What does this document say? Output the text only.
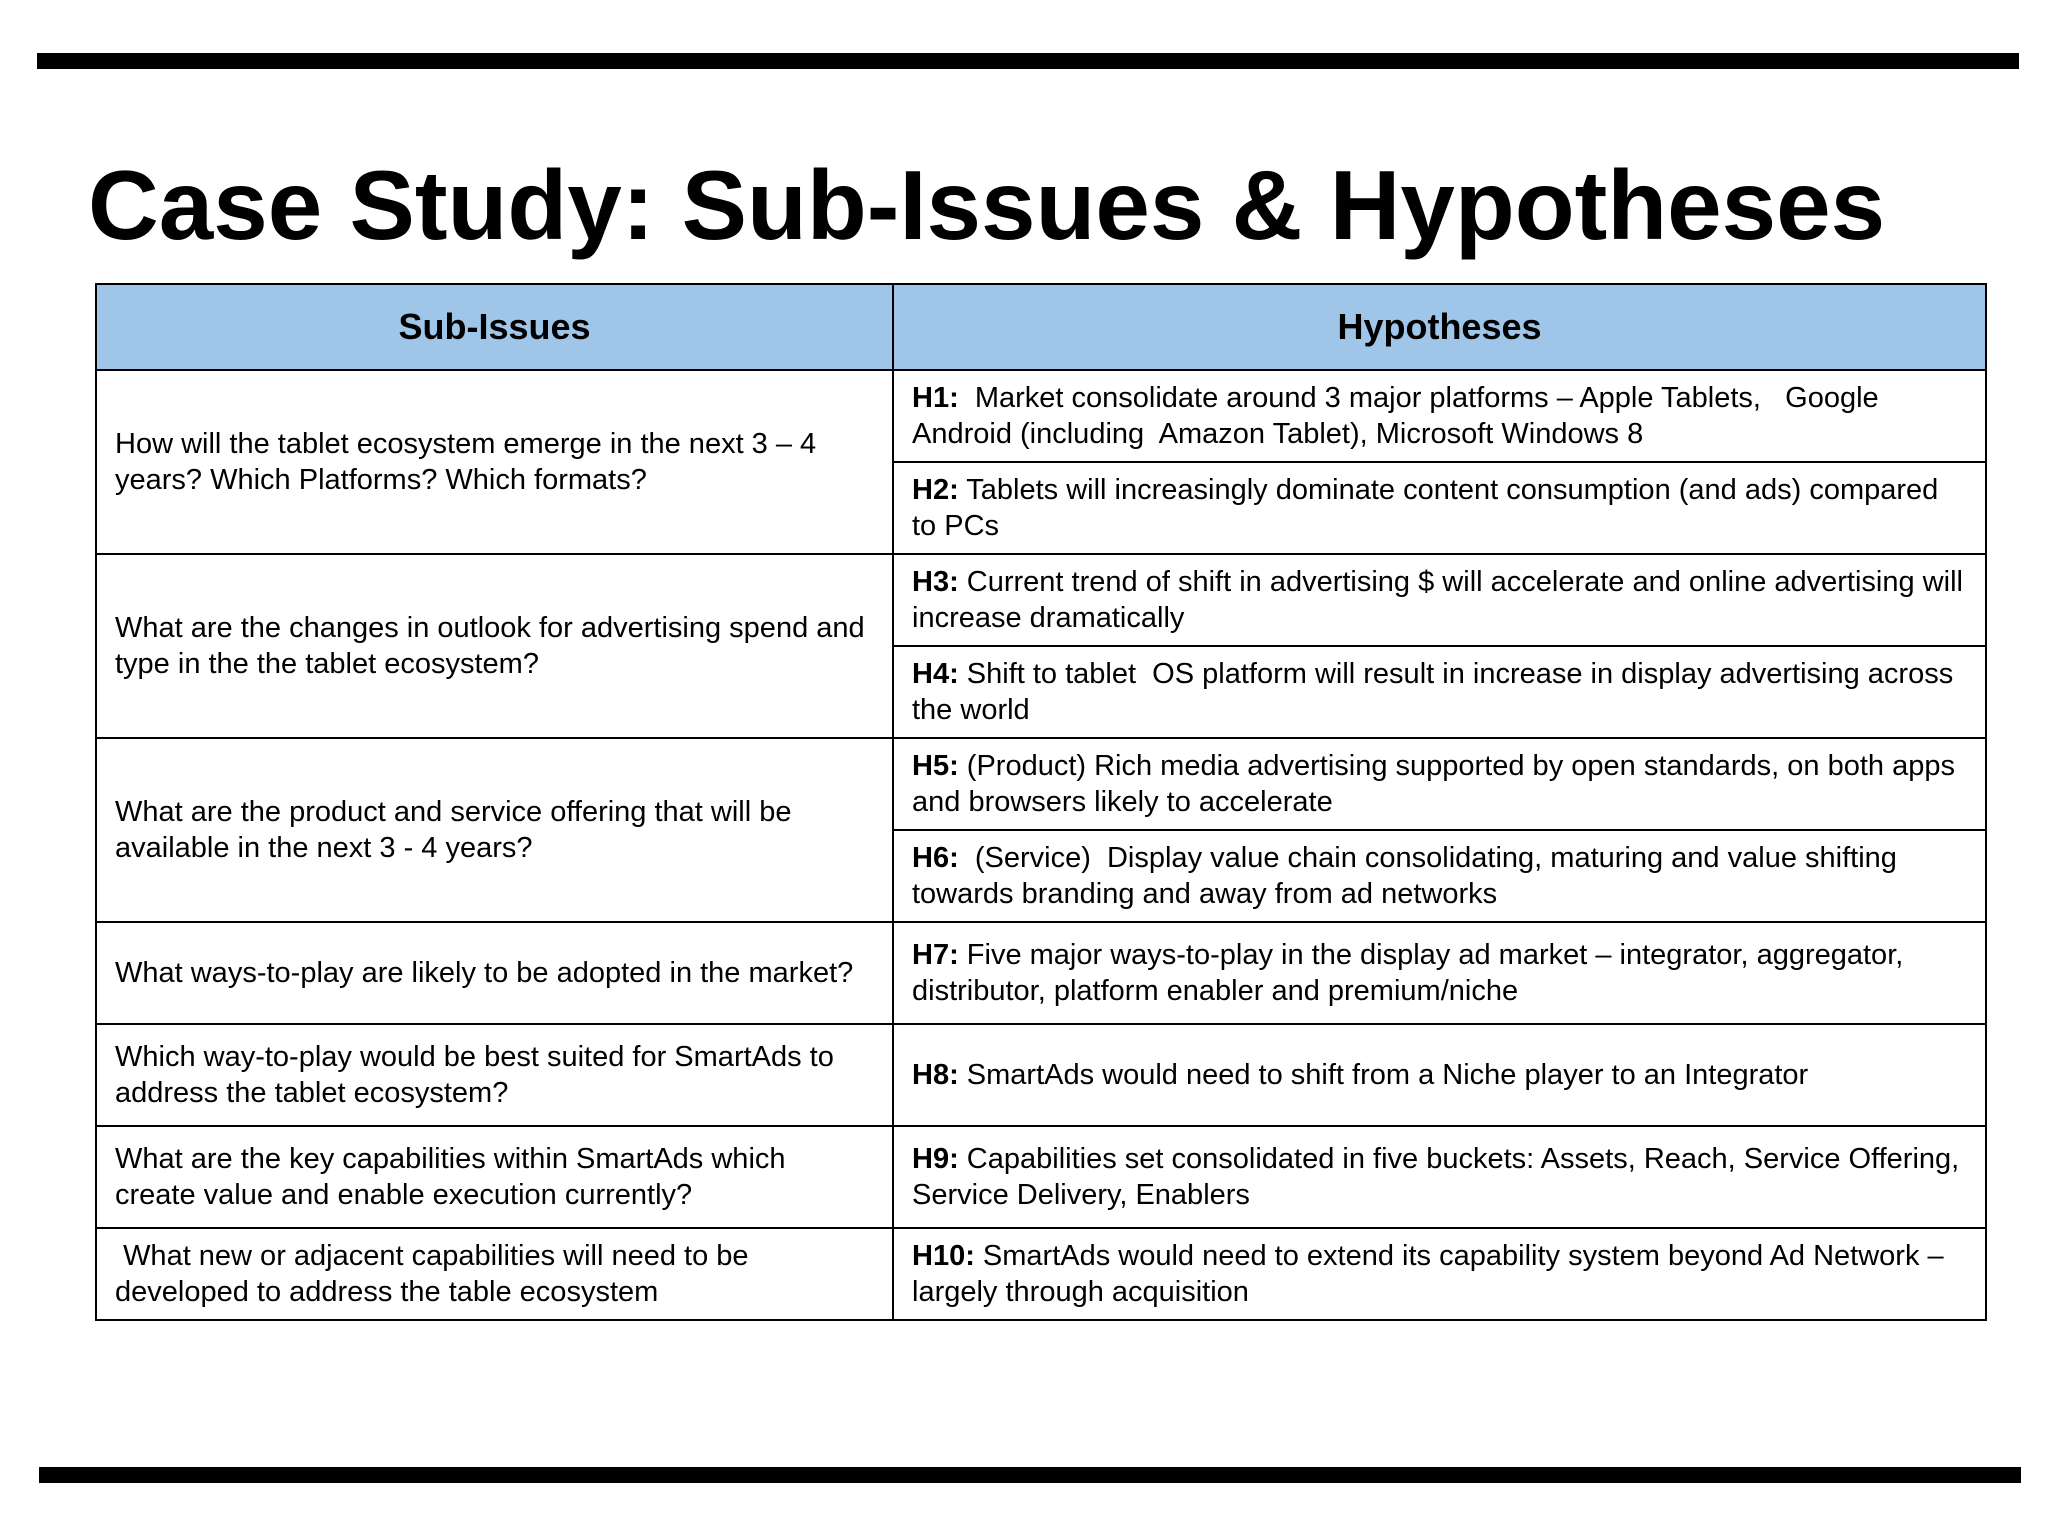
Case Study: Sub-Issues & Hypotheses
Sub-Issues	Hypotheses
How will the tablet ecosystem emerge in the next 3 – 4 years? Which Platforms? Which formats?	H1:  Market consolidate around 3 major platforms – Apple Tablets,   Google Android (including  Amazon Tablet), Microsoft Windows 8
	H2: Tablets will increasingly dominate content consumption (and ads) compared to PCs
What are the changes in outlook for advertising spend and type in the the tablet ecosystem?	H3: Current trend of shift in advertising $ will accelerate and online advertising will increase dramatically
	H4: Shift to tablet  OS platform will result in increase in display advertising across the world
What are the product and service offering that will be available in the next 3 - 4 years?	H5: (Product) Rich media advertising supported by open standards, on both apps and browsers likely to accelerate
	H6:  (Service)  Display value chain consolidating, maturing and value shifting towards branding and away from ad networks
What ways-to-play are likely to be adopted in the market?	H7: Five major ways-to-play in the display ad market – integrator, aggregator, distributor, platform enabler and premium/niche
Which way-to-play would be best suited for SmartAds to address the tablet ecosystem?	H8: SmartAds would need to shift from a Niche player to an Integrator
What are the key capabilities within SmartAds which create value and enable execution currently?	H9: Capabilities set consolidated in five buckets: Assets, Reach, Service Offering, Service Delivery, Enablers
What new or adjacent capabilities will need to be developed to address the table ecosystem	H10: SmartAds would need to extend its capability system beyond Ad Network – largely through acquisition
